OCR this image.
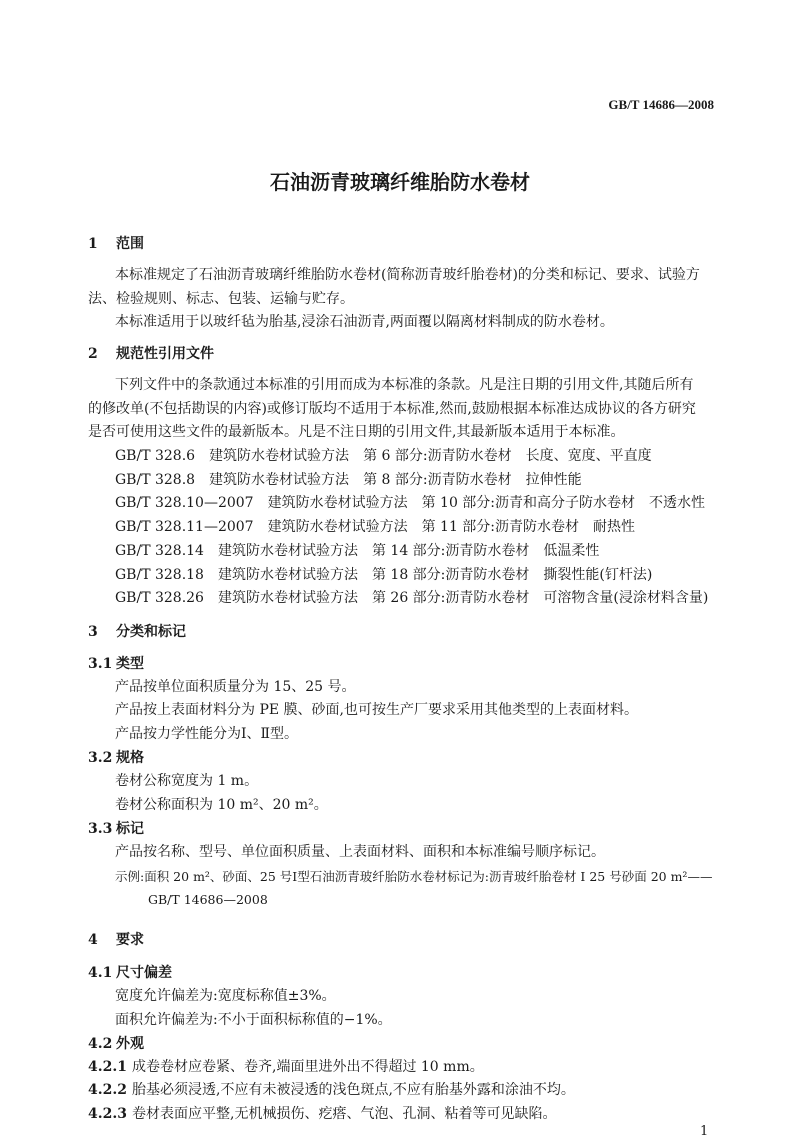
GB/T 14686—2008
石油沥青玻璃纤维胎防水卷材
1 范围
本标准规定了石油沥青玻璃纤维胎防水卷材(简称沥青玻纤胎卷材)的分类和标记、要求、试验方
法、检验规则、标志、包装、运输与贮存。
本标准适用于以玻纤毡为胎基,浸涂石油沥青,两面覆以隔离材料制成的防水卷材。
2 规范性引用文件
下列文件中的条款通过本标准的引用而成为本标准的条款。凡是注日期的引用文件,其随后所有
的修改单(不包括勘误的内容)或修订版均不适用于本标准,然而,鼓励根据本标准达成协议的各方研究
是否可使用这些文件的最新版本。凡是不注日期的引用文件,其最新版本适用于本标准。
GB/T 328.6 建筑防水卷材试验方法 第 6 部分:沥青防水卷材 长度、宽度、平直度
GB/T 328.8 建筑防水卷材试验方法 第 8 部分:沥青防水卷材 拉伸性能
GB/T 328.10—2007 建筑防水卷材试验方法 第 10 部分:沥青和高分子防水卷材 不透水性
GB/T 328.11—2007 建筑防水卷材试验方法 第 11 部分:沥青防水卷材 耐热性
GB/T 328.14 建筑防水卷材试验方法 第 14 部分:沥青防水卷材 低温柔性
GB/T 328.18 建筑防水卷材试验方法 第 18 部分:沥青防水卷材 撕裂性能(钉杆法)
GB/T 328.26 建筑防水卷材试验方法 第 26 部分:沥青防水卷材 可溶物含量(浸涂材料含量)
3 分类和标记
3.1 类型
产品按单位面积质量分为 15、25 号。
产品按上表面材料分为 PE 膜、砂面,也可按生产厂要求采用其他类型的上表面材料。
产品按力学性能分为Ⅰ、Ⅱ型。
3.2 规格
卷材公称宽度为 1 m。
卷材公称面积为 10 m²、20 m²。
3.3 标记
产品按名称、型号、单位面积质量、上表面材料、面积和本标准编号顺序标记。
示例:面积 20 m²、砂面、25 号Ⅰ型石油沥青玻纤胎防水卷材标记为:沥青玻纤胎卷材 Ⅰ 25 号砂面 20 m²——
GB/T 14686—2008
4 要求
4.1 尺寸偏差
宽度允许偏差为:宽度标称值±3%。
面积允许偏差为:不小于面积标称值的−1%。
4.2 外观
4.2.1 成卷卷材应卷紧、卷齐,端面里进外出不得超过 10 mm。
4.2.2 胎基必须浸透,不应有未被浸透的浅色斑点,不应有胎基外露和涂油不均。
4.2.3 卷材表面应平整,无机械损伤、疙瘩、气泡、孔洞、粘着等可见缺陷。
1
